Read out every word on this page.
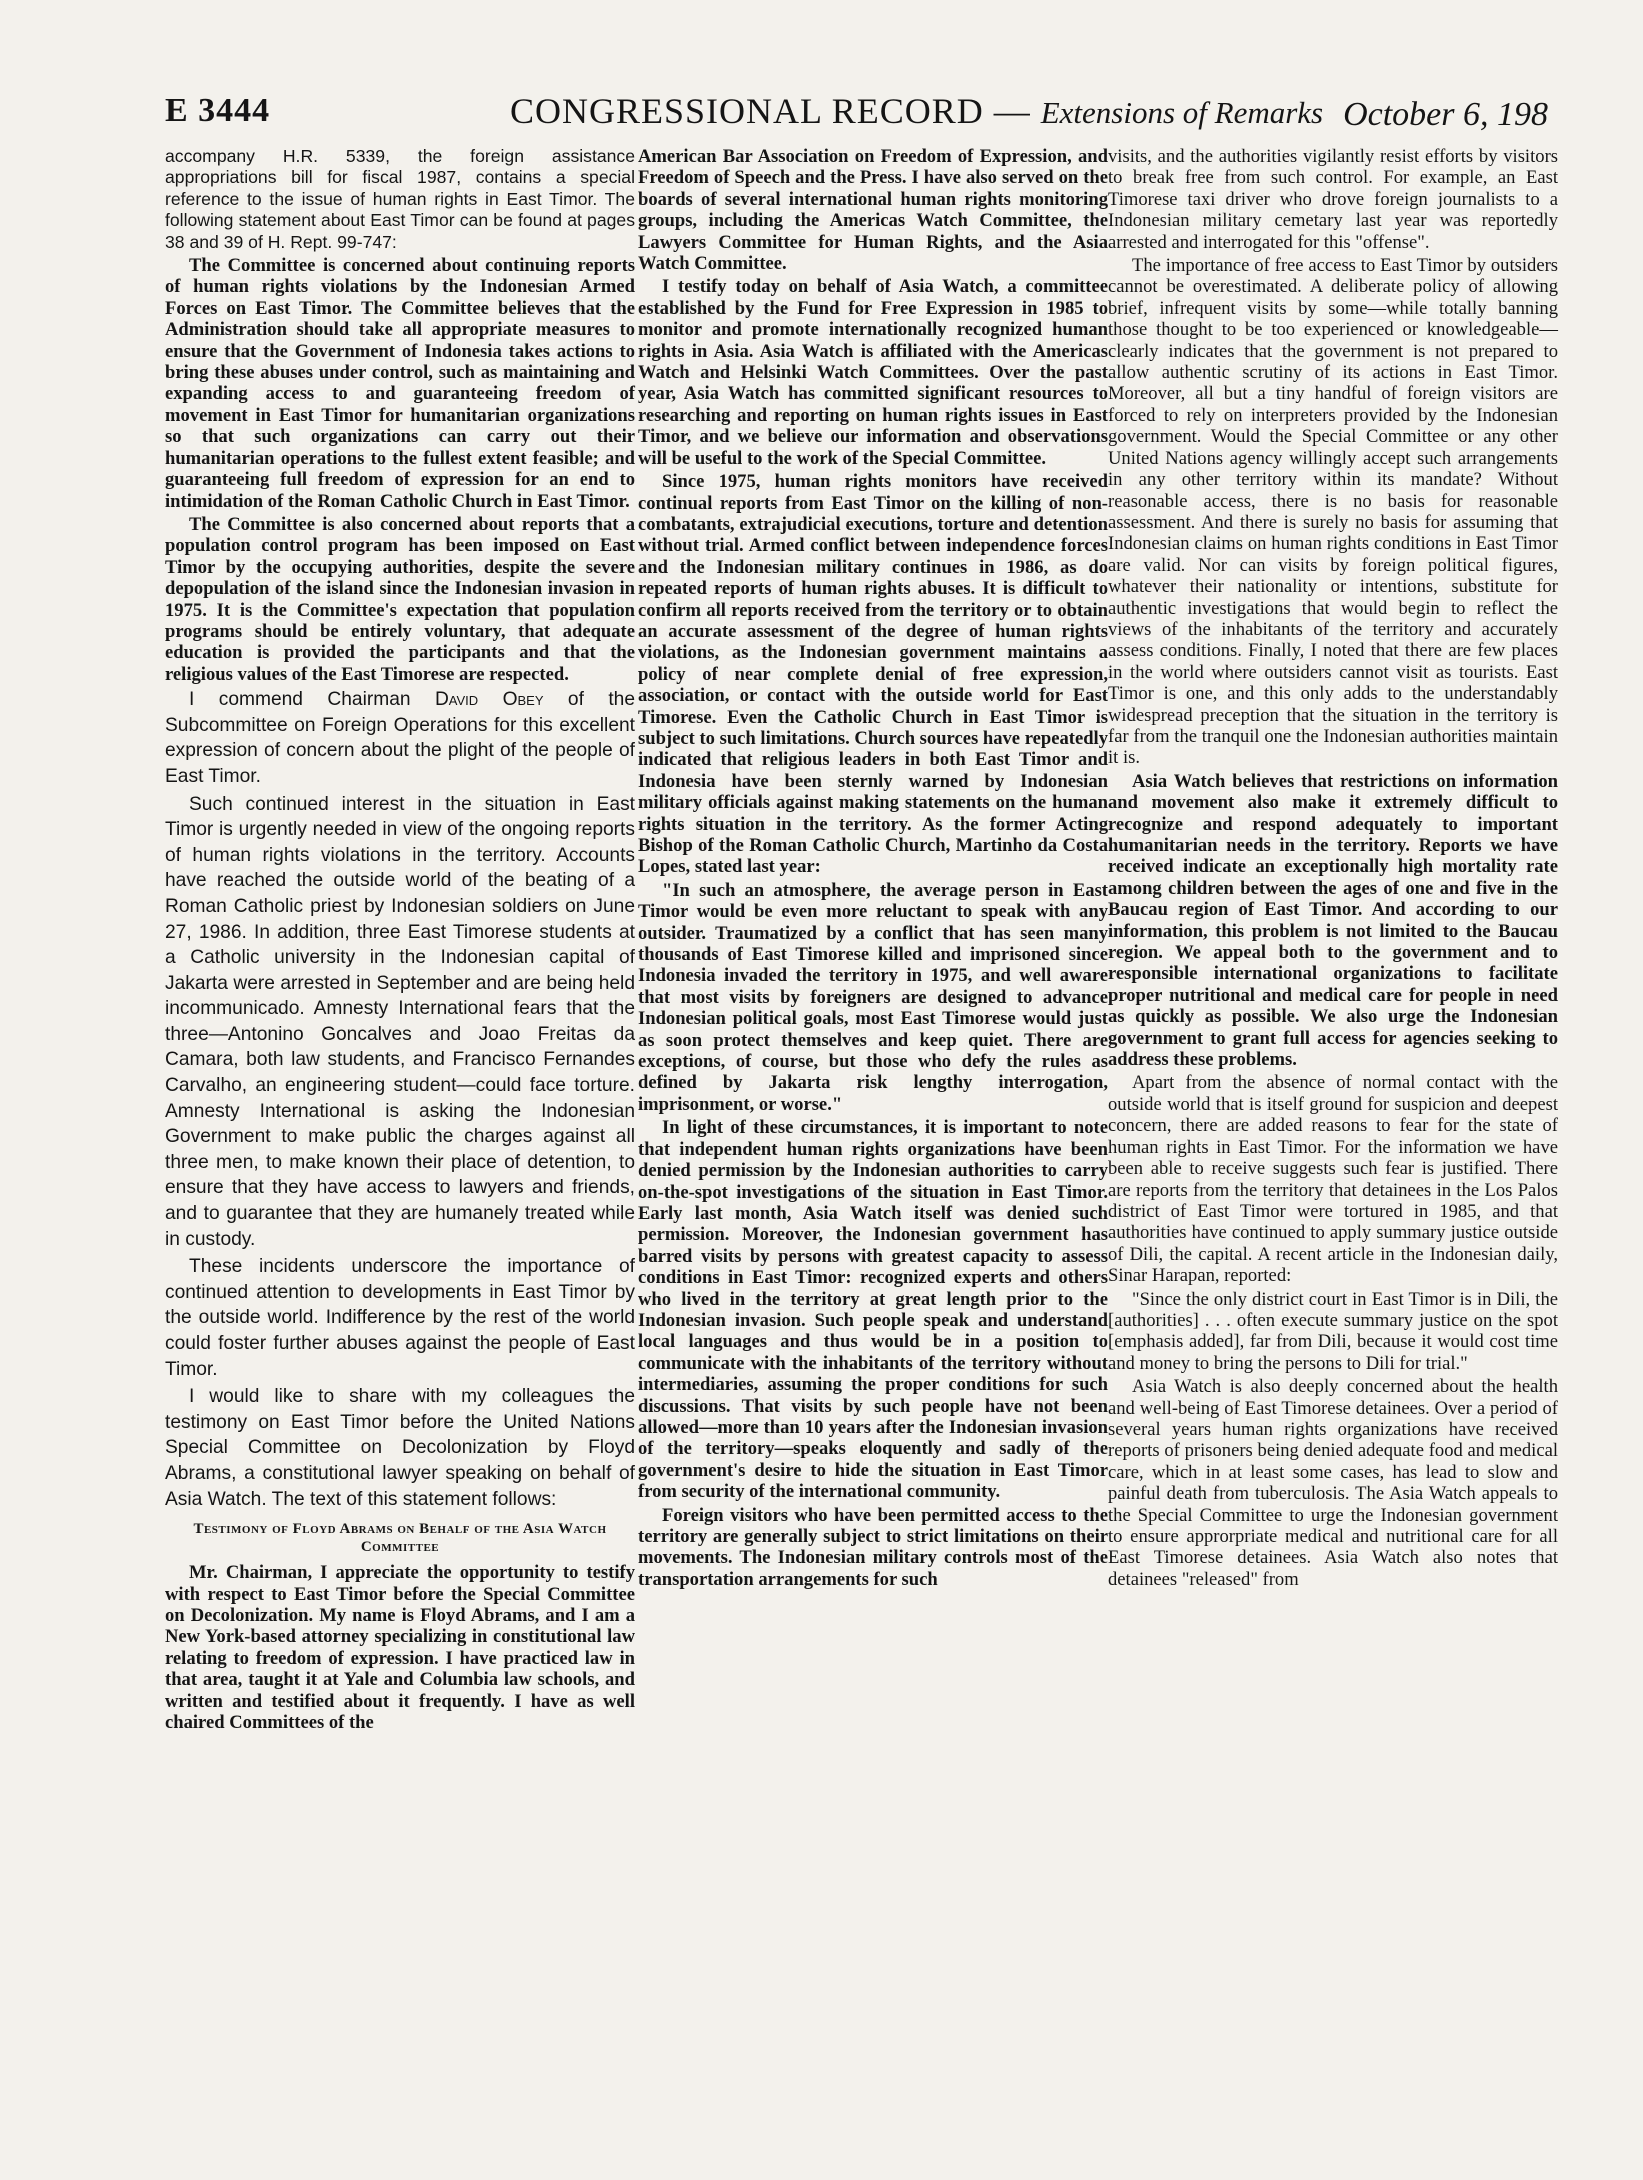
E 3444	CONGRESSIONAL RECORD — Extensions of Remarks October 6, 198

accompany H.R. 5339, the foreign assistance appropriations bill for fiscal 1987, contains a special reference to the issue of human rights in East Timor. The following statement about East Timor can be found at pages 38 and 39 of H. Rept. 99-747:

The Committee is concerned about continuing reports of human rights violations by the Indonesian Armed Forces on East Timor. The Committee believes that the Administration should take all appropriate measures to ensure that the Government of Indonesia takes actions to bring these abuses under control, such as maintaining and expanding access to and guaranteeing freedom of movement in East Timor for humanitarian organizations so that such organizations can carry out their humanitarian operations to the fullest extent feasible; and guaranteeing full freedom of expression for an end to intimidation of the Roman Catholic Church in East Timor.

The Committee is also concerned about reports that a population control program has been imposed on East Timor by the occupying authorities, despite the severe depopulation of the island since the Indonesian invasion in 1975. It is the Committee's expectation that population programs should be entirely voluntary, that adequate education is provided the participants and that the religious values of the East Timorese are respected.

I commend Chairman David Obey of the Subcommittee on Foreign Operations for this excellent expression of concern about the plight of the people of East Timor.

Such continued interest in the situation in East Timor is urgently needed in view of the ongoing reports of human rights violations in the territory. Accounts have reached the outside world of the beating of a Roman Catholic priest by Indonesian soldiers on June 27, 1986. In addition, three East Timorese students at a Catholic university in the Indonesian capital of Jakarta were arrested in September and are being held incommunicado. Amnesty International fears that the three—Antonino Goncalves and Joao Freitas da Camara, both law students, and Francisco Fernandes Carvalho, an engineering student—could face torture. Amnesty International is asking the Indonesian Government to make public the charges against all three men, to make known their place of detention, to ensure that they have access to lawyers and friends, and to guarantee that they are humanely treated while in custody.

These incidents underscore the importance of continued attention to developments in East Timor by the outside world. Indifference by the rest of the world could foster further abuses against the people of East Timor.

I would like to share with my colleagues the testimony on East Timor before the United Nations Special Committee on Decolonization by Floyd Abrams, a constitutional lawyer speaking on behalf of Asia Watch. The text of this statement follows:

Testimony of Floyd Abrams on Behalf of the Asia Watch Committee

Mr. Chairman, I appreciate the opportunity to testify with respect to East Timor before the Special Committee on Decolonization. My name is Floyd Abrams, and I am a New York-based attorney specializing in constitutional law relating to freedom of expression. I have practiced law in that area, taught it at Yale and Columbia law schools, and written and testified about it frequently. I have as well chaired Committees of the

American Bar Association on Freedom of Expression, and Freedom of Speech and the Press. I have also served on the boards of several international human rights monitoring groups, including the Americas Watch Committee, the Lawyers Committee for Human Rights, and the Asia Watch Committee.

I testify today on behalf of Asia Watch, a committee established by the Fund for Free Expression in 1985 to monitor and promote internationally recognized human rights in Asia. Asia Watch is affiliated with the Americas Watch and Helsinki Watch Committees. Over the past year, Asia Watch has committed significant resources to researching and reporting on human rights issues in East Timor, and we believe our information and observations will be useful to the work of the Special Committee.

Since 1975, human rights monitors have received continual reports from East Timor on the killing of non-combatants, extrajudicial executions, torture and detention without trial. Armed conflict between independence forces and the Indonesian military continues in 1986, as do repeated reports of human rights abuses. It is difficult to confirm all reports received from the territory or to obtain an accurate assessment of the degree of human rights violations, as the Indonesian government maintains a policy of near complete denial of free expression, association, or contact with the outside world for East Timorese. Even the Catholic Church in East Timor is subject to such limitations. Church sources have repeatedly indicated that religious leaders in both East Timor and Indonesia have been sternly warned by Indonesian military officials against making statements on the human rights situation in the territory. As the former Acting Bishop of the Roman Catholic Church, Martinho da Costa Lopes, stated last year:

"In such an atmosphere, the average person in East Timor would be even more reluctant to speak with any outsider. Traumatized by a conflict that has seen many thousands of East Timorese killed and imprisoned since Indonesia invaded the territory in 1975, and well aware that most visits by foreigners are designed to advance Indonesian political goals, most East Timorese would just as soon protect themselves and keep quiet. There are exceptions, of course, but those who defy the rules as defined by Jakarta risk lengthy interrogation, imprisonment, or worse."

In light of these circumstances, it is important to note that independent human rights organizations have been denied permission by the Indonesian authorities to carry on-the-spot investigations of the situation in East Timor. Early last month, Asia Watch itself was denied such permission. Moreover, the Indonesian government has barred visits by persons with greatest capacity to assess conditions in East Timor: recognized experts and others who lived in the territory at great length prior to the Indonesian invasion. Such people speak and understand local languages and thus would be in a position to communicate with the inhabitants of the territory without intermediaries, assuming the proper conditions for such discussions. That visits by such people have not been allowed—more than 10 years after the Indonesian invasion of the territory—speaks eloquently and sadly of the government's desire to hide the situation in East Timor from security of the international community.

Foreign visitors who have been permitted access to the territory are generally subject to strict limitations on their movements. The Indonesian military controls most of the transportation arrangements for such

visits, and the authorities vigilantly resist efforts by visitors to break free from such control. For example, an East Timorese taxi driver who drove foreign journalists to a Indonesian military cemetary last year was reportedly arrested and interrogated for this "offense".

The importance of free access to East Timor by outsiders cannot be overestimated. A deliberate policy of allowing brief, infrequent visits by some—while totally banning those thought to be too experienced or knowledgeable—clearly indicates that the government is not prepared to allow authentic scrutiny of its actions in East Timor. Moreover, all but a tiny handful of foreign visitors are forced to rely on interpreters provided by the Indonesian government. Would the Special Committee or any other United Nations agency willingly accept such arrangements in any other territory within its mandate? Without reasonable access, there is no basis for reasonable assessment. And there is surely no basis for assuming that Indonesian claims on human rights conditions in East Timor are valid. Nor can visits by foreign political figures, whatever their nationality or intentions, substitute for authentic investigations that would begin to reflect the views of the inhabitants of the territory and accurately assess conditions. Finally, I noted that there are few places in the world where outsiders cannot visit as tourists. East Timor is one, and this only adds to the understandably widespread preception that the situation in the territory is far from the tranquil one the Indonesian authorities maintain it is.

Asia Watch believes that restrictions on information and movement also make it extremely difficult to recognize and respond adequately to important humanitarian needs in the territory. Reports we have received indicate an exceptionally high mortality rate among children between the ages of one and five in the Baucau region of East Timor. And according to our information, this problem is not limited to the Baucau region. We appeal both to the government and to responsible international organizations to facilitate proper nutritional and medical care for people in need as quickly as possible. We also urge the Indonesian government to grant full access for agencies seeking to address these problems.

Apart from the absence of normal contact with the outside world that is itself ground for suspicion and deepest concern, there are added reasons to fear for the state of human rights in East Timor. For the information we have been able to receive suggests such fear is justified. There are reports from the territory that detainees in the Los Palos district of East Timor were tortured in 1985, and that authorities have continued to apply summary justice outside of Dili, the capital. A recent article in the Indonesian daily, Sinar Harapan, reported:

"Since the only district court in East Timor is in Dili, the [authorities] . . . often execute summary justice on the spot [emphasis added], far from Dili, because it would cost time and money to bring the persons to Dili for trial."

Asia Watch is also deeply concerned about the health and well-being of East Timorese detainees. Over a period of several years human rights organizations have received reports of prisoners being denied adequate food and medical care, which in at least some cases, has lead to slow and painful death from tuberculosis. The Asia Watch appeals to the Special Committee to urge the Indonesian government to ensure approrpriate medical and nutritional care for all East Timorese detainees. Asia Watch also notes that detainees "released" from
